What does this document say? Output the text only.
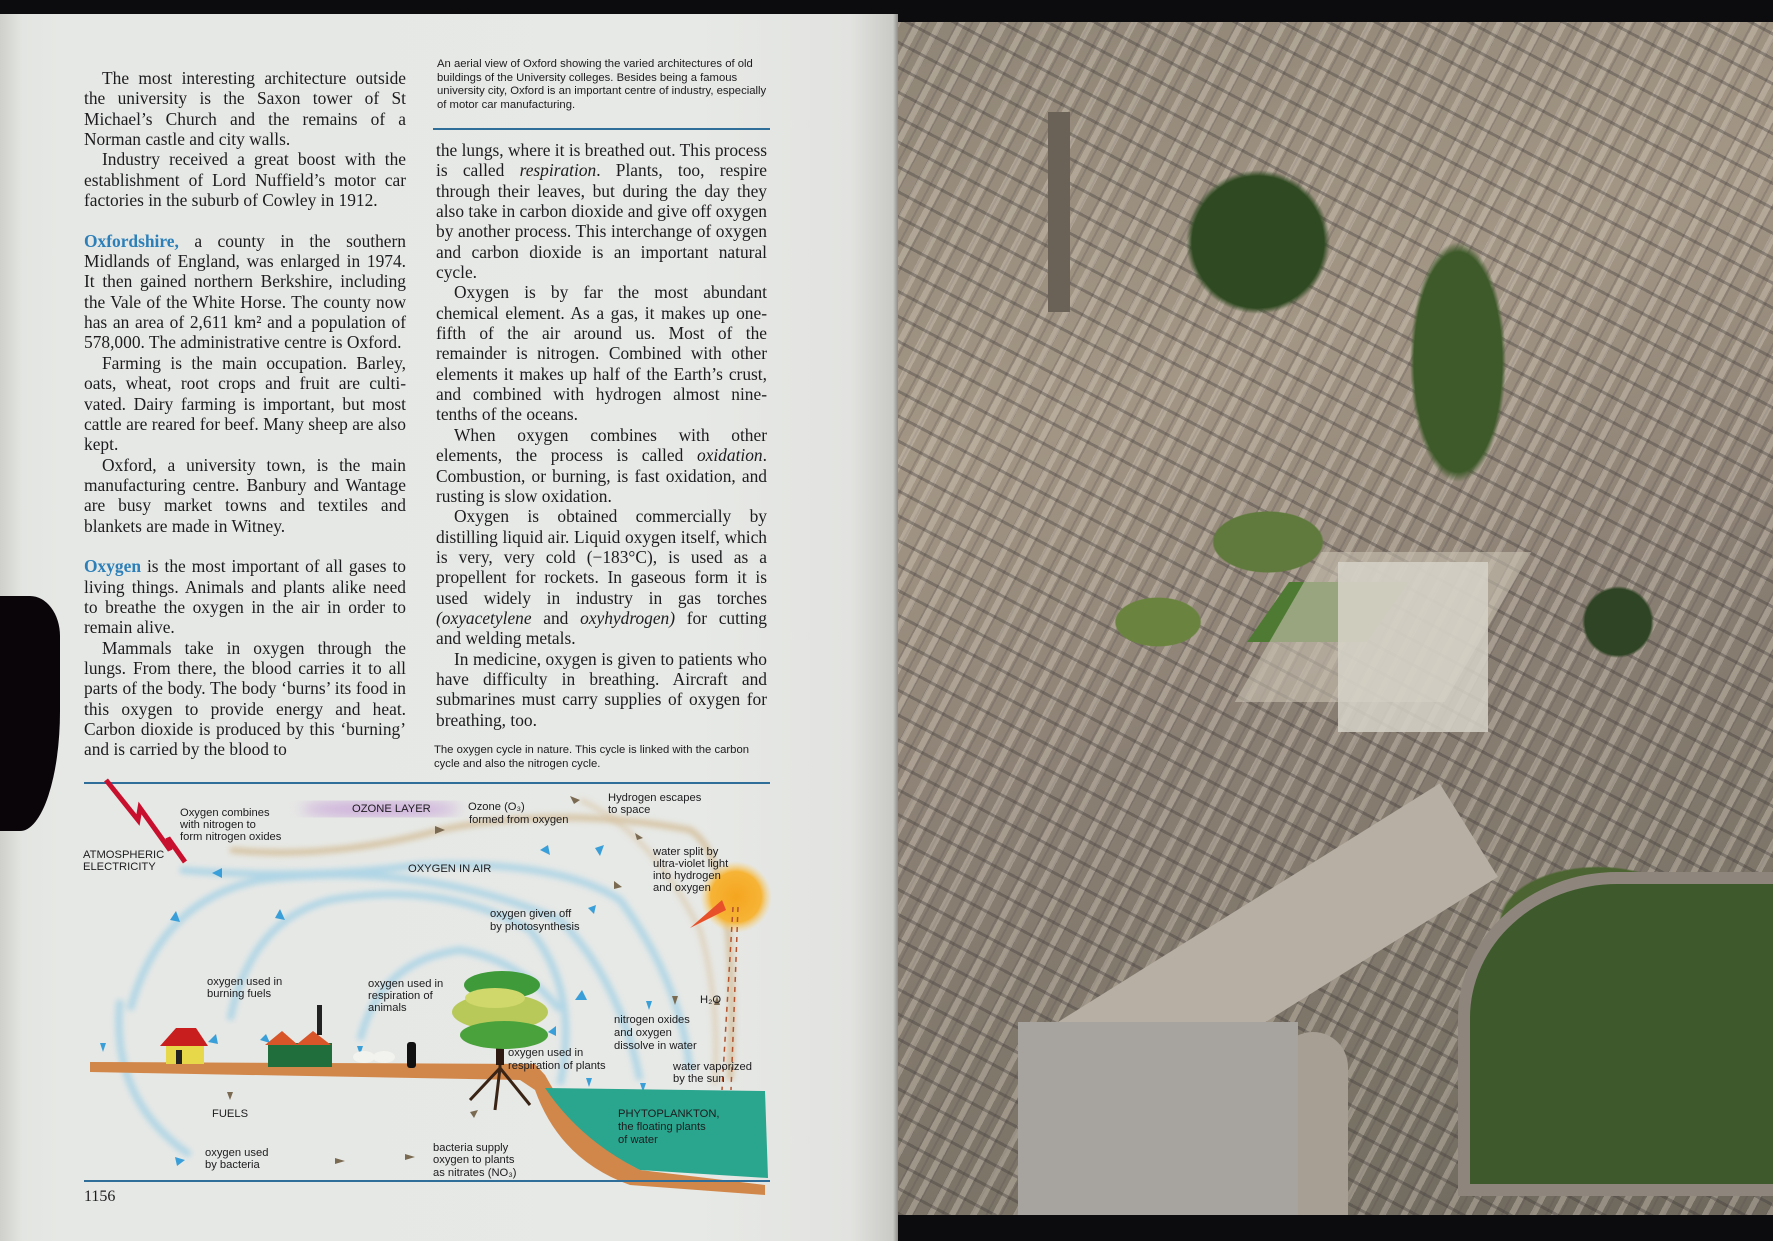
The most interesting architecture outside the university is the Saxon tower of St Michael’s Church and the remains of a Norman castle and city walls.

Industry received a great boost with the establishment of Lord Nuffield’s motor car factories in the suburb of Cowley in 1912.

Oxfordshire, a county in the southern Midlands of England, was enlarged in 1974. It then gained northern Berkshire, including the Vale of the White Horse. The county now has an area of 2,611 km² and a population of 578,000. The administrative centre is Oxford.

Farming is the main occupation. Barley, oats, wheat, root crops and fruit are cultivated. Dairy farming is important, but most cattle are reared for beef. Many sheep are also kept.

Oxford, a university town, is the main manufacturing centre. Banbury and Wantage are busy market towns and textiles and blankets are made in Witney.

Oxygen is the most important of all gases to living things. Animals and plants alike need to breathe the oxygen in the air in order to remain alive.

Mammals take in oxygen through the lungs. From there, the blood carries it to all parts of the body. The body ‘burns’ its food in this oxygen to provide energy and heat. Carbon dioxide is produced by this ‘burning’ and is carried by the blood to

An aerial view of Oxford showing the varied architectures of old buildings of the University colleges. Besides being a famous university city, Oxford is an important centre of industry, especially of motor car manufacturing.

the lungs, where it is breathed out. This process is called respiration. Plants, too, respire through their leaves, but during the day they also take in carbon dioxide and give off oxygen by another process. This interchange of oxygen and carbon dioxide is an important natural cycle.

Oxygen is by far the most abundant chemical element. As a gas, it makes up one-fifth of the air around us. Most of the remainder is nitrogen. Combined with other elements it makes up half of the Earth’s crust, and combined with hydrogen almost nine-tenths of the oceans.

When oxygen combines with other elements, the process is called oxidation. Combustion, or burning, is fast oxidation, and rusting is slow oxidation.

Oxygen is obtained commercially by distilling liquid air. Liquid oxygen itself, which is very, very cold (−183°C), is used as a propellent for rockets. In gaseous form it is used widely in industry in gas torches (oxyacetylene and oxyhydrogen) for cutting and welding metals.

In medicine, oxygen is given to patients who have difficulty in breathing. Aircraft and submarines must carry supplies of oxygen for breathing, too.

The oxygen cycle in nature. This cycle is linked with the carbon cycle and also the nitrogen cycle.
ATMOSPHERIC
ELECTRICITY
Oxygen combines
with nitrogen to
form nitrogen oxides
OZONE LAYER	Ozone (O₃)
formed from oxygen
Hydrogen escapes
to space
OXYGEN IN AIR
water split by
ultra-violet light
into hydrogen
and oxygen
oxygen given off
by photosynthesis
oxygen used in
burning fuels
oxygen used in
respiration of
animals
H₂O
nitrogen oxides
and oxygen
dissolve in water
oxygen used in
respiration of plants	water vaporized
by the sun
FUELS
oxygen used
by bacteria
bacteria supply
oxygen to plants
as nitrates (NO₃)
PHYTOPLANKTON,
the floating plants
of water
1156
